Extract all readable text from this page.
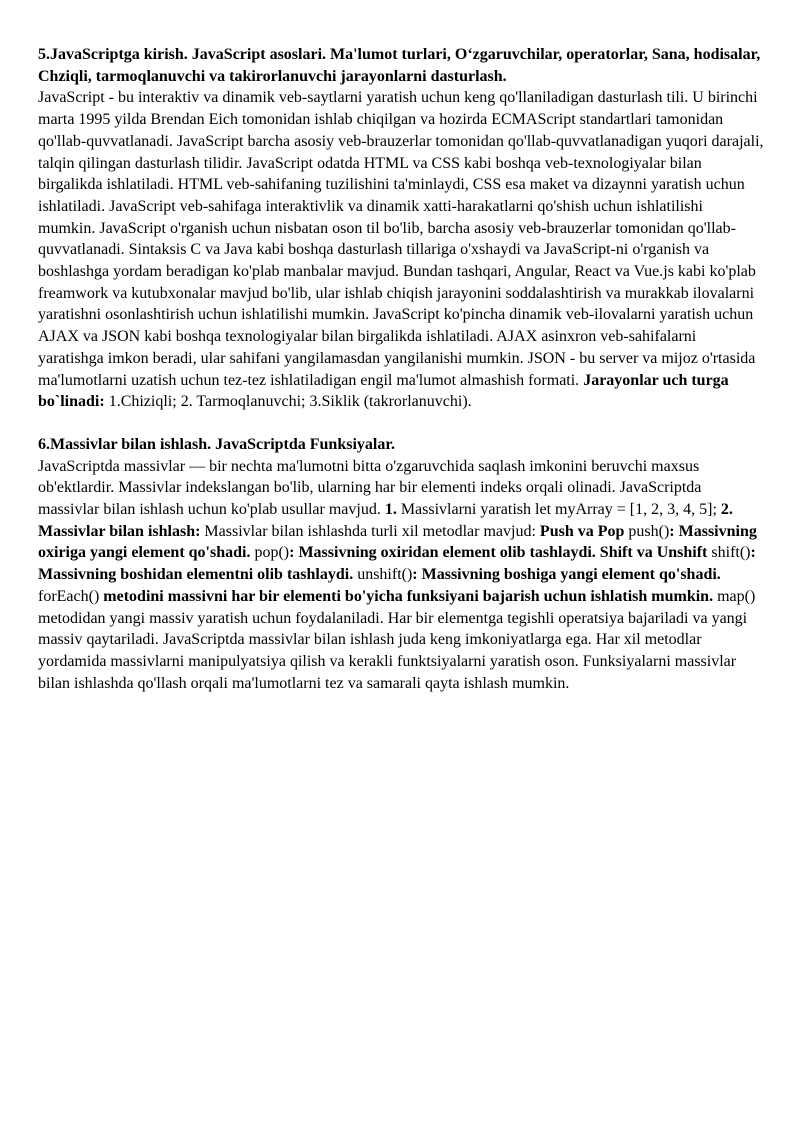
5.JavaScriptga kirish. JavaScript asoslari. Ma'lumot turlari, O‘zgaruvchilar, operatorlar, Sana, hodisalar, Chziqli, tarmoqlanuvchi va takirorlanuvchi jarayonlarni dasturlash.

JavaScript - bu interaktiv va dinamik veb-saytlarni yaratish uchun keng qo'llaniladigan dasturlash tili. U birinchi marta 1995 yilda Brendan Eich tomonidan ishlab chiqilgan va hozirda ECMAScript standartlari tamonidan qo'llab-quvvatlanadi. JavaScript barcha asosiy veb-brauzerlar tomonidan qo'llab-quvvatlanadigan yuqori darajali, talqin qilingan dasturlash tilidir. JavaScript odatda HTML va CSS kabi boshqa veb-texnologiyalar bilan birgalikda ishlatiladi. HTML veb-sahifaning tuzilishini ta'minlaydi, CSS esa maket va dizaynni yaratish uchun ishlatiladi. JavaScript veb-sahifaga interaktivlik va dinamik xatti-harakatlarni qo'shish uchun ishlatilishi mumkin. JavaScript o'rganish uchun nisbatan oson til bo'lib, barcha asosiy veb-brauzerlar tomonidan qo'llab-quvvatlanadi. Sintaksis C va Java kabi boshqa dasturlash tillariga o'xshaydi va JavaScript-ni o'rganish va boshlashga yordam beradigan ko'plab manbalar mavjud. Bundan tashqari, Angular, React va Vue.js kabi ko'plab freamwork va kutubxonalar mavjud bo'lib, ular ishlab chiqish jarayonini soddalashtirish va murakkab ilovalarni yaratishni osonlashtirish uchun ishlatilishi mumkin. JavaScript ko'pincha dinamik veb-ilovalarni yaratish uchun AJAX va JSON kabi boshqa texnologiyalar bilan birgalikda ishlatiladi. AJAX asinxron veb-sahifalarni yaratishga imkon beradi, ular sahifani yangilamasdan yangilanishi mumkin. JSON - bu server va mijoz o'rtasida ma'lumotlarni uzatish uchun tez-tez ishlatiladigan engil ma'lumot almashish formati. Jarayonlar uch turga bo`linadi: 1.Chiziqli; 2. Tarmoqlanuvchi; 3.Siklik (takrorlanuvchi).

6.Massivlar bilan ishlash. JavaScriptda Funksiyalar.

JavaScriptda massivlar — bir nechta ma'lumotni bitta o'zgaruvchida saqlash imkonini beruvchi maxsus ob'ektlardir. Massivlar indekslangan bo'lib, ularning har bir elementi indeks orqali olinadi. JavaScriptda massivlar bilan ishlash uchun ko'plab usullar mavjud. 1. Massivlarni yaratish let myArray = [1, 2, 3, 4, 5]; 2. Massivlar bilan ishlash: Massivlar bilan ishlashda turli xil metodlar mavjud: Push va Pop push(): Massivning oxiriga yangi element qo'shadi. pop(): Massivning oxiridan element olib tashlaydi. Shift va Unshift shift(): Massivning boshidan elementni olib tashlaydi. unshift(): Massivning boshiga yangi element qo'shadi. forEach() metodini massivni har bir elementi bo'yicha funksiyani bajarish uchun ishlatish mumkin. map() metodidan yangi massiv yaratish uchun foydalaniladi. Har bir elementga tegishli operatsiya bajariladi va yangi massiv qaytariladi. JavaScriptda massivlar bilan ishlash juda keng imkoniyatlarga ega. Har xil metodlar yordamida massivlarni manipulyatsiya qilish va kerakli funktsiyalarni yaratish oson. Funksiyalarni massivlar bilan ishlashda qo'llash orqali ma'lumotlarni tez va samarali qayta ishlash mumkin.
